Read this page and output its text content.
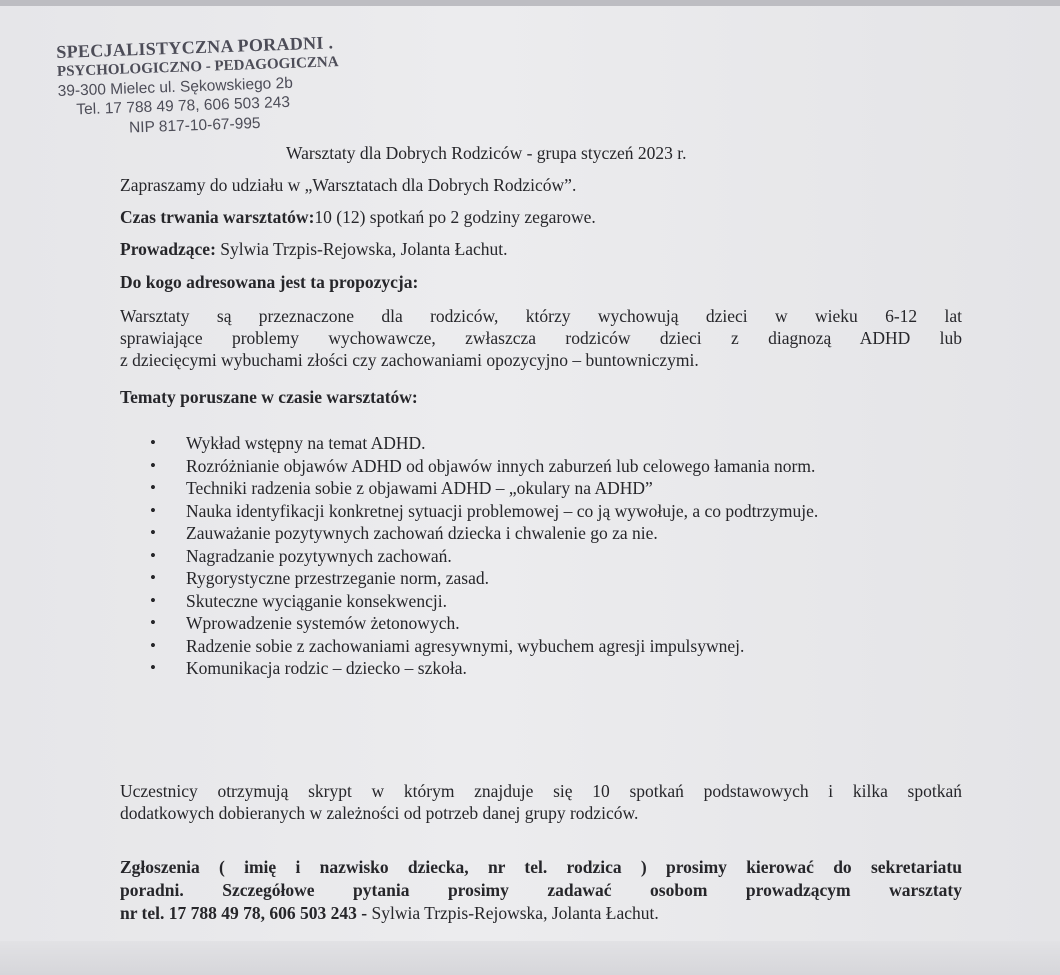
SPECJALISTYCZNA PORADNI .
PSYCHOLOGICZNO - PEDAGOGICZNA
39-300 Mielec ul. Sękowskiego 2b
Tel. 17 788 49 78, 606 503 243
NIP 817-10-67-995
Warsztaty dla Dobrych Rodziców - grupa styczeń 2023 r.
Zapraszamy do udziału w „Warsztatach dla Dobrych Rodziców”.
Czas trwania warsztatów:10 (12) spotkań po 2 godziny zegarowe.
Prowadzące: Sylwia Trzpis-Rejowska, Jolanta Łachut.
Do kogo adresowana jest ta propozycja:
Warsztaty są przeznaczone dla rodziców, którzy wychowują dzieci w wieku 6-12 lat
sprawiające problemy wychowawcze, zwłaszcza rodziców dzieci z diagnozą ADHD lub
z dziecięcymi wybuchami złości czy zachowaniami opozycyjno – buntowniczymi.
Tematy poruszane w czasie warsztatów:
• Wykład wstępny na temat ADHD.
• Rozróżnianie objawów ADHD od objawów innych zaburzeń lub celowego łamania norm.
• Techniki radzenia sobie z objawami ADHD – „okulary na ADHD”
• Nauka identyfikacji konkretnej sytuacji problemowej – co ją wywołuje, a co podtrzymuje.
• Zauważanie pozytywnych zachowań dziecka i chwalenie go za nie.
• Nagradzanie pozytywnych zachowań.
• Rygorystyczne przestrzeganie norm, zasad.
• Skuteczne wyciąganie konsekwencji.
• Wprowadzenie systemów żetonowych.
• Radzenie sobie z zachowaniami agresywnymi, wybuchem agresji impulsywnej.
• Komunikacja rodzic – dziecko – szkoła.
Uczestnicy otrzymują skrypt w którym znajduje się 10 spotkań podstawowych i kilka spotkań
dodatkowych dobieranych w zależności od potrzeb danej grupy rodziców.
Zgłoszenia ( imię i nazwisko dziecka, nr tel. rodzica ) prosimy kierować do sekretariatu
poradni. Szczegółowe pytania prosimy zadawać osobom prowadzącym warsztaty
nr tel. 17 788 49 78, 606 503 243 - Sylwia Trzpis-Rejowska, Jolanta Łachut.
